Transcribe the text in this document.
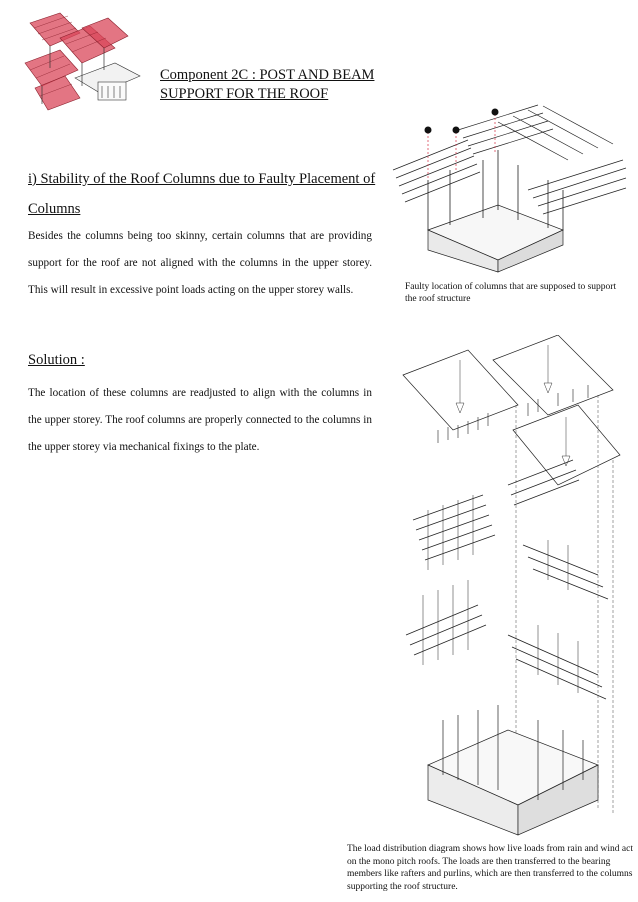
Component 2C : POST AND BEAM
SUPPORT FOR THE ROOF
i) Stability of the Roof Columns due to Faulty Placement of Columns
Besides the columns being too skinny, certain columns that are providing support for the roof are not aligned with the columns in the upper storey. This will result in excessive point loads acting on the upper storey walls.
Solution :
The location of these columns are readjusted to align with the columns in the upper storey. The roof columns are properly connected to the columns in the upper storey via mechanical fixings to the plate.
Faulty location of columns that are supposed to support the roof structure
The load distribution diagram shows how live loads from rain and wind act on the mono pitch roofs. The loads are then transferred to the bearing members like rafters and purlins, which are then transferred to the columns supporting the roof structure.
